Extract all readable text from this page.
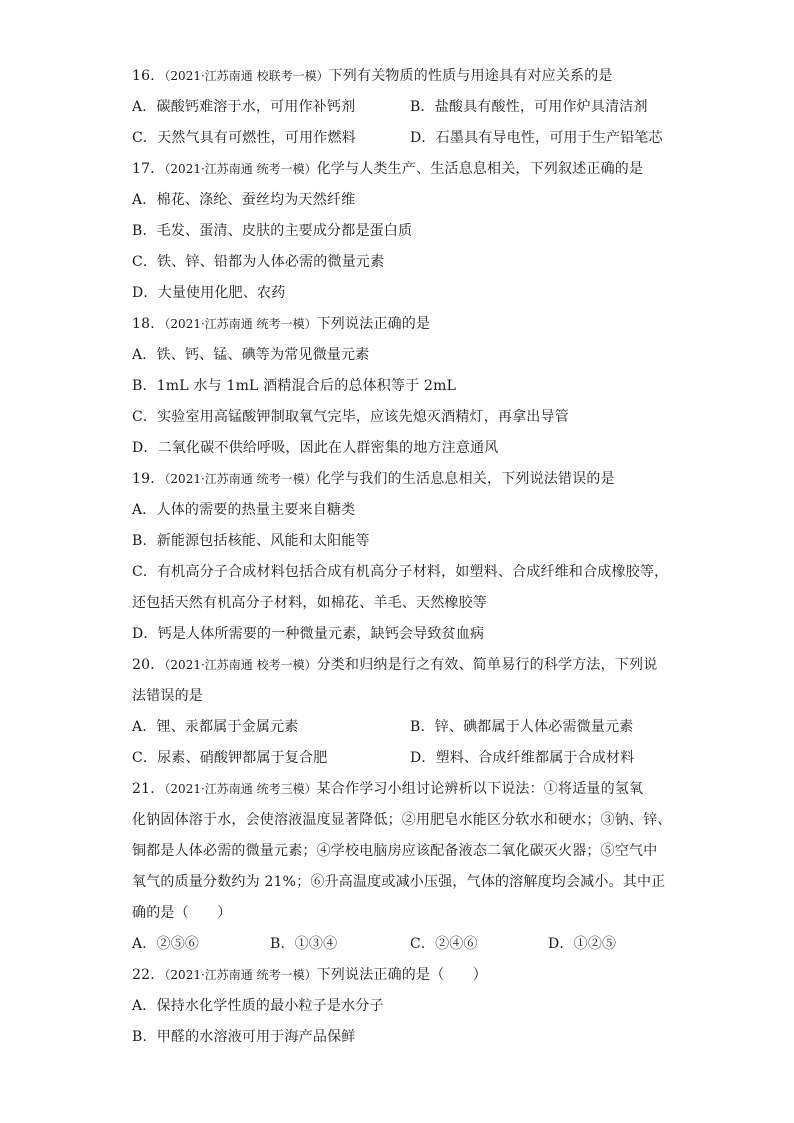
16．（2021·江苏南通 校联考一模）下列有关物质的性质与用途具有对应关系的是
A．碳酸钙难溶于水，可用作补钙剂	B．盐酸具有酸性，可用作炉具清洁剂
C．天然气具有可燃性，可用作燃料	D．石墨具有导电性，可用于生产铅笔芯
17．（2021·江苏南通 统考一模）化学与人类生产、生活息息相关，下列叙述正确的是
A．棉花、涤纶、蚕丝均为天然纤维
B．毛发、蛋清、皮肤的主要成分都是蛋白质
C．铁、锌、铅都为人体必需的微量元素
D．大量使用化肥、农药
18．（2021·江苏南通 统考一模）下列说法正确的是
A．铁、钙、锰、碘等为常见微量元素
B．1mL 水与 1mL 酒精混合后的总体积等于 2mL
C．实验室用高锰酸钾制取氧气完毕，应该先熄灭酒精灯，再拿出导管
D．二氧化碳不供给呼吸，因此在人群密集的地方注意通风
19．（2021·江苏南通 统考一模）化学与我们的生活息息相关，下列说法错误的是
A．人体的需要的热量主要来自糖类
B．新能源包括核能、风能和太阳能等
C．有机高分子合成材料包括合成有机高分子材料，如塑料、合成纤维和合成橡胶等，
还包括天然有机高分子材料，如棉花、羊毛、天然橡胶等
D．钙是人体所需要的一种微量元素，缺钙会导致贫血病
20．（2021·江苏南通 校考一模）分类和归纳是行之有效、简单易行的科学方法，下列说
法错误的是
A．锂、汞都属于金属元素	B．锌、碘都属于人体必需微量元素
C．尿素、硝酸钾都属于复合肥	D．塑料、合成纤维都属于合成材料
21．（2021·江苏南通 统考三模）某合作学习小组讨论辨析以下说法：①将适量的氢氧
化钠固体溶于水，会使溶液温度显著降低；②用肥皂水能区分软水和硬水；③钠、锌、
铜都是人体必需的微量元素；④学校电脑房应该配备液态二氧化碳灭火器；⑤空气中
氧气的质量分数约为 21%；⑥升高温度或减小压强，气体的溶解度均会减小。其中正
确的是（　　）
A．②⑤⑥	B．①③④	C．②④⑥	D．①②⑤
22．（2021·江苏南通 统考一模）下列说法正确的是（　　）
A．保持水化学性质的最小粒子是水分子
B．甲醛的水溶液可用于海产品保鲜
